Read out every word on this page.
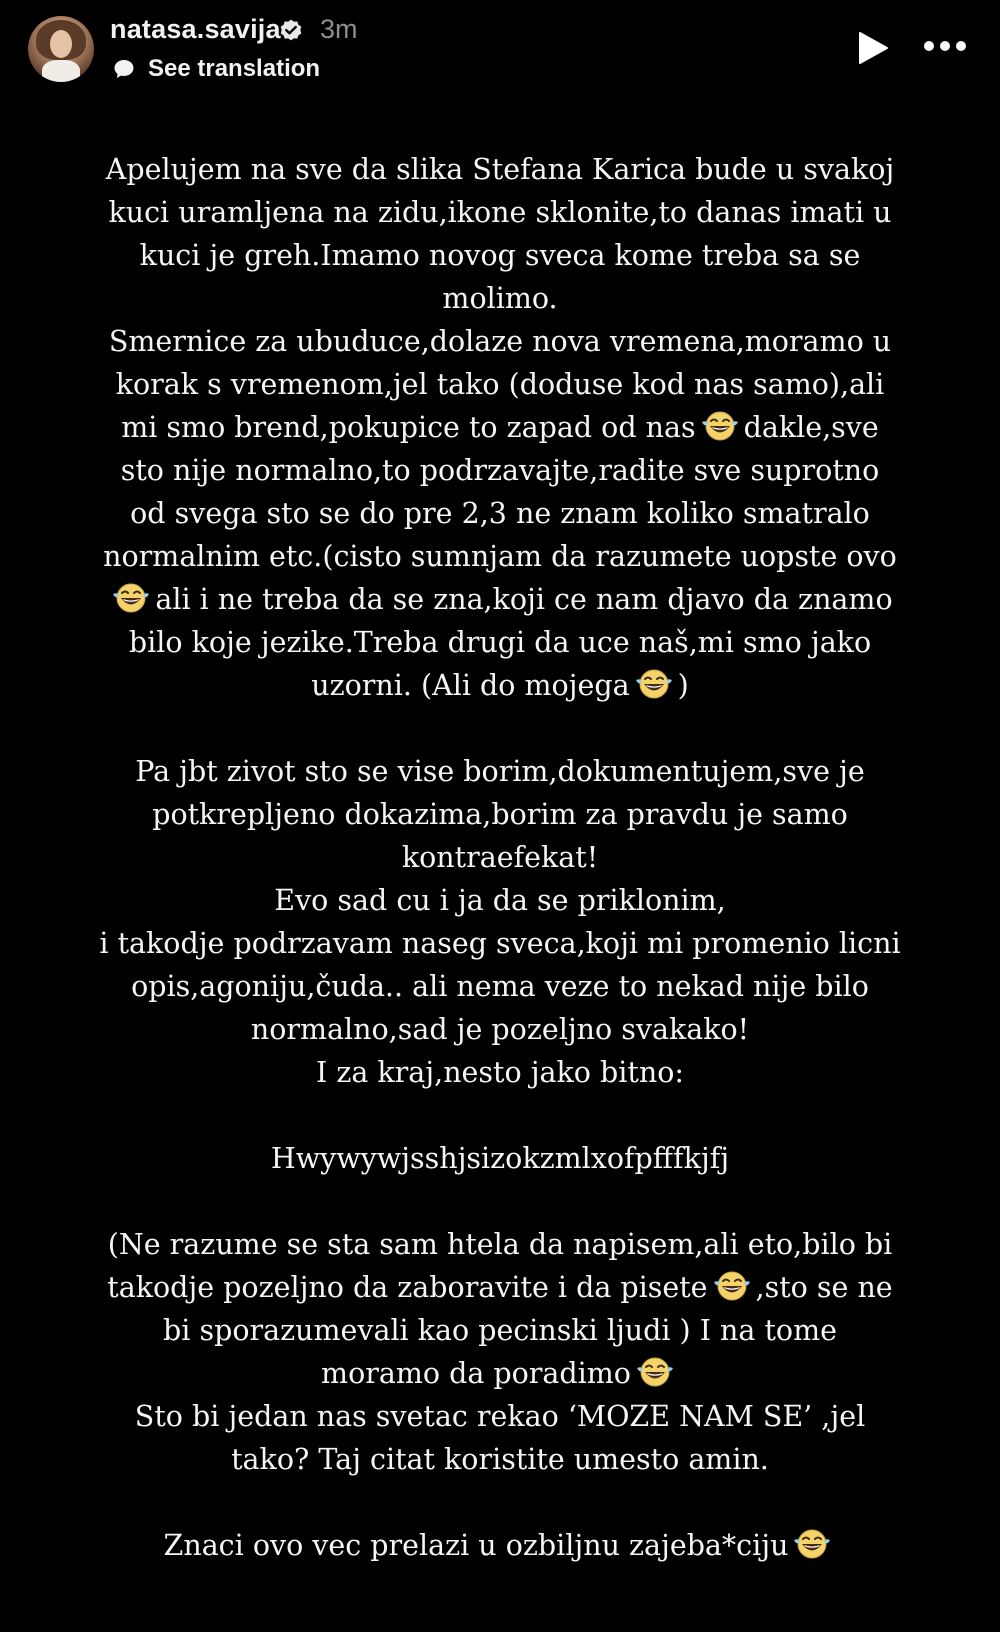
natasa.savija 3m
See translation
Apelujem na sve da slika Stefana Karica bude u svakoj
kuci uramljena na zidu,ikone sklonite,to danas imati u
kuci je greh.Imamo novog sveca kome treba sa se
molimo.
Smernice za ubuduce,dolaze nova vremena,moramo u
korak s vremenom,jel tako (doduse kod nas samo),ali
mi smo brend,pokupice to zapad od nas dakle,sve
sto nije normalno,to podrzavajte,radite sve suprotno
od svega sto se do pre 2,3 ne znam koliko smatralo
normalnim etc.(cisto sumnjam da razumete uopste ovo
ali i ne treba da se zna,koji ce nam djavo da znamo
bilo koje jezike.Treba drugi da uce naš,mi smo jako
uzorni. (Ali do mojega )
Pa jbt zivot sto se vise borim,dokumentujem,sve je
potkrepljeno dokazima,borim za pravdu je samo
kontraefekat!
Evo sad cu i ja da se priklonim,
i takodje podrzavam naseg sveca,koji mi promenio licni
opis,agoniju,čuda.. ali nema veze to nekad nije bilo
normalno,sad je pozeljno svakako!
I za kraj,nesto jako bitno:
Hwywywjsshjsizokzmlxofpfffkjfj
(Ne razume se sta sam htela da napisem,ali eto,bilo bi
takodje pozeljno da zaboravite i da pisete ,sto se ne
bi sporazumevali kao pecinski ljudi ) I na tome
moramo da poradimo
Sto bi jedan nas svetac rekao ‘MOZE NAM SE’ ,jel
tako? Taj citat koristite umesto amin.
Znaci ovo vec prelazi u ozbiljnu zajeba*ciju
